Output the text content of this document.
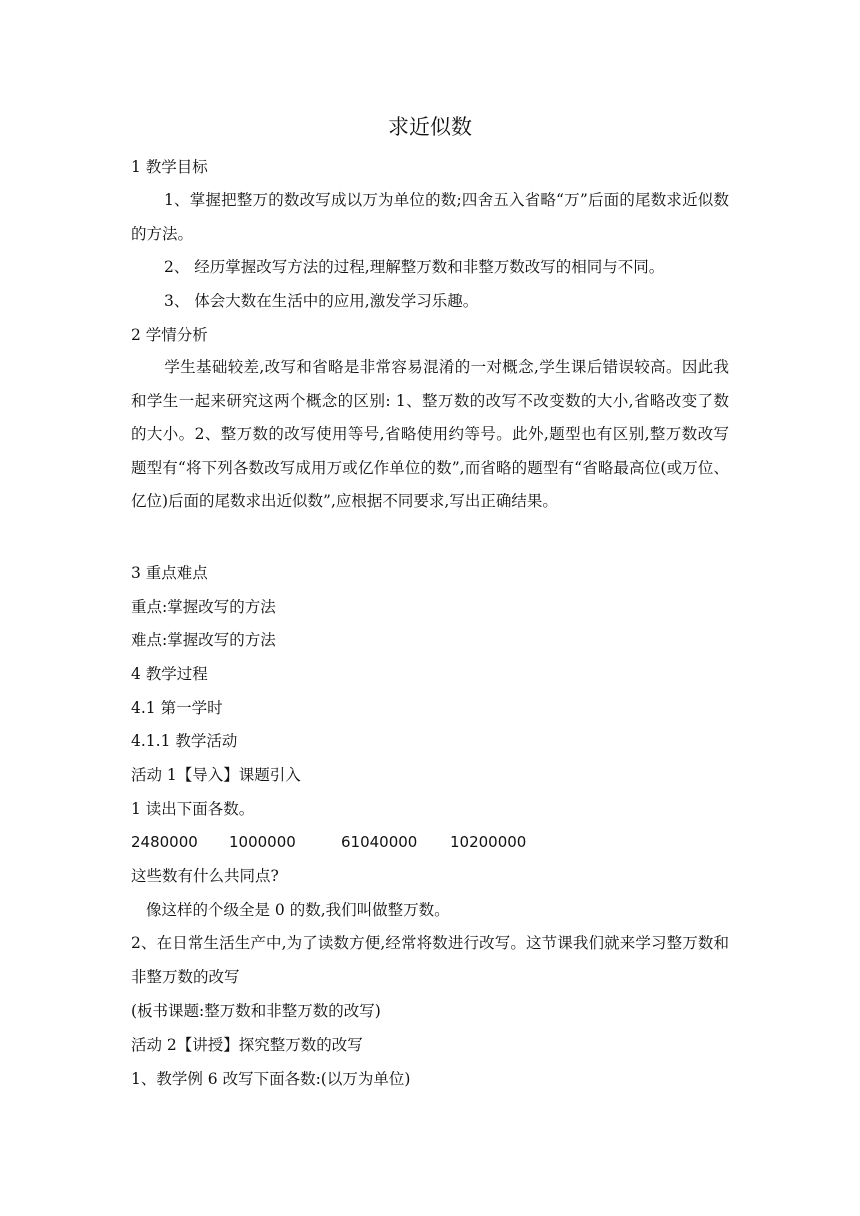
求近似数
1 教学目标
1、掌握把整万的数改写成以万为单位的数;四舍五入省略“万”后面的尾数求近似数的方法。
2、 经历掌握改写方法的过程,理解整万数和非整万数改写的相同与不同。
3、 体会大数在生活中的应用,激发学习乐趣。
2 学情分析
学生基础较差,改写和省略是非常容易混淆的一对概念,学生课后错误较高。因此我和学生一起来研究这两个概念的区别: 1、整万数的改写不改变数的大小,省略改变了数的大小。2、整万数的改写使用等号,省略使用约等号。此外,题型也有区别,整万数改写题型有“将下列各数改写成用万或亿作单位的数”,而省略的题型有“省略最高位(或万位、亿位)后面的尾数求出近似数”,应根据不同要求,写出正确结果。
3 重点难点
重点:掌握改写的方法
难点:掌握改写的方法
4 教学过程
4.1 第一学时
4.1.1 教学活动
活动 1【导入】课题引入
1 读出下面各数。
2480000 1000000	61040000 10200000
这些数有什么共同点?
像这样的个级全是 0 的数,我们叫做整万数。
2、在日常生活生产中,为了读数方便,经常将数进行改写。这节课我们就来学习整万数和非整万数的改写
(板书课题:整万数和非整万数的改写)
活动 2【讲授】探究整万数的改写
1、教学例 6 改写下面各数:(以万为单位)
